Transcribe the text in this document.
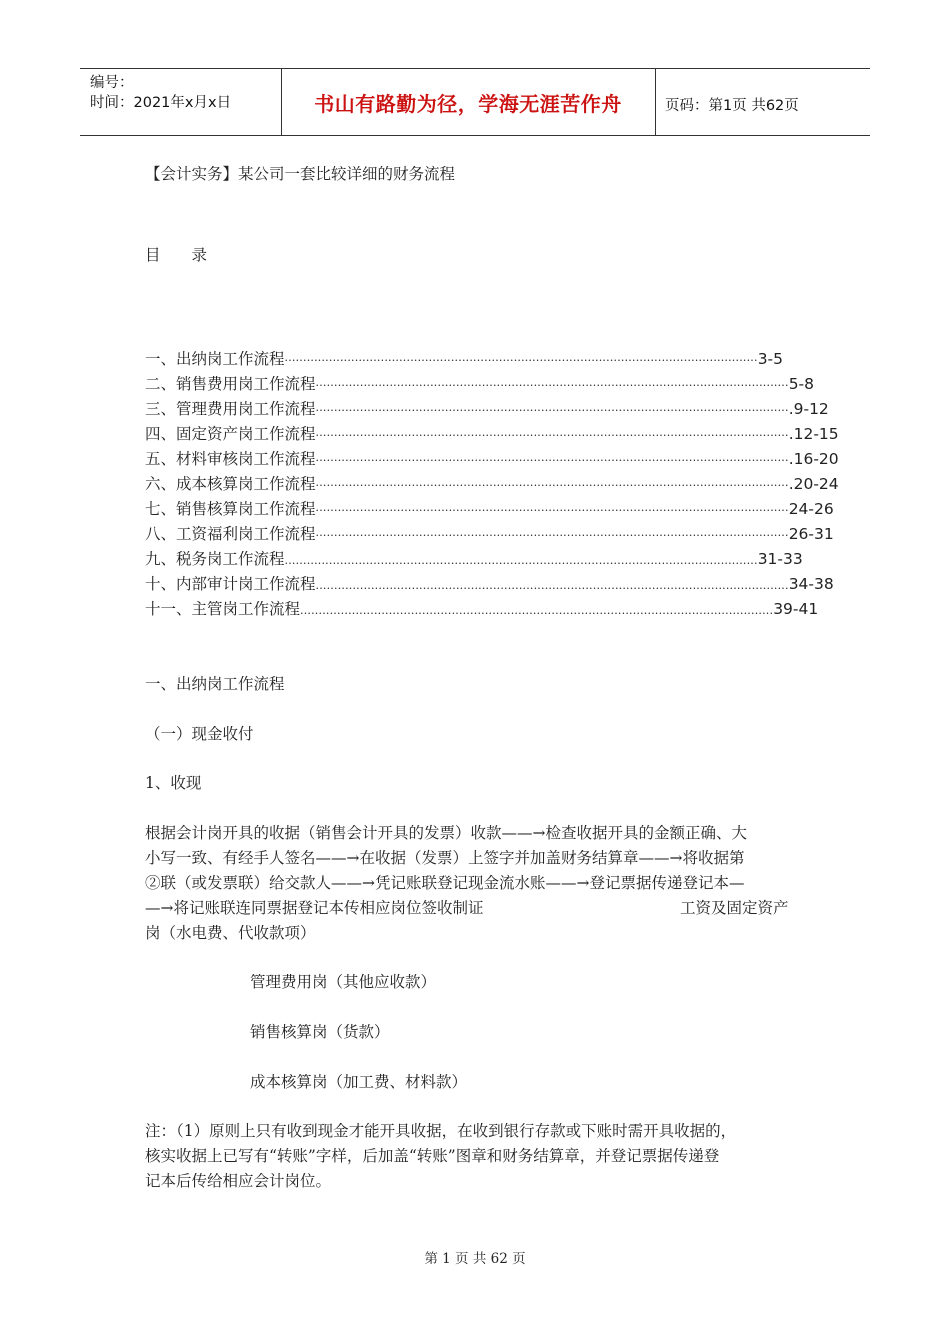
编号：
时间：2021年x月x日	书山有路勤为径，学海无涯苦作舟	页码：第1页 共62页
【会计实务】某公司一套比较详细的财务流程
目　　录
一、出纳岗工作流程 ································································································································ 3-5
二、销售费用岗工作流程 ································································································································ 5-8
三、管理费用岗工作流程 ································································································································ .9-12
四、固定资产岗工作流程 ································································································································ .12-15
五、材料审核岗工作流程 ································································································································ .16-20
六、成本核算岗工作流程 ································································································································ .20-24
七、销售核算岗工作流程 ································································································································ 24-26
八、工资福利岗工作流程 ································································································································ 26-31
九、税务岗工作流程 ................................................................................................................................ 31-33
十、内部审计岗工作流程 ................................................................................................................................ 34-38
十一、主管岗工作流程 ................................................................................................................................ 39-41
一、出纳岗工作流程
（一）现金收付
1、收现
根据会计岗开具的收据（销售会计开具的发票）收款——→检查收据开具的金额正确、大
小写一致、有经手人签名——→在收据（发票）上签字并加盖财务结算章——→将收据第
②联（或发票联）给交款人——→凭记账联登记现金流水账——→登记票据传递登记本—
—→将记账联连同票据登记本传相应岗位签收制证	工资及固定资产
岗（水电费、代收款项）
管理费用岗（其他应收款）
销售核算岗（货款）
成本核算岗（加工费、材料款）
注：（1）原则上只有收到现金才能开具收据，在收到银行存款或下账时需开具收据的，
核实收据上已写有“转账”字样，后加盖“转账”图章和财务结算章，并登记票据传递登
记本后传给相应会计岗位。
第 1 页 共 62 页
